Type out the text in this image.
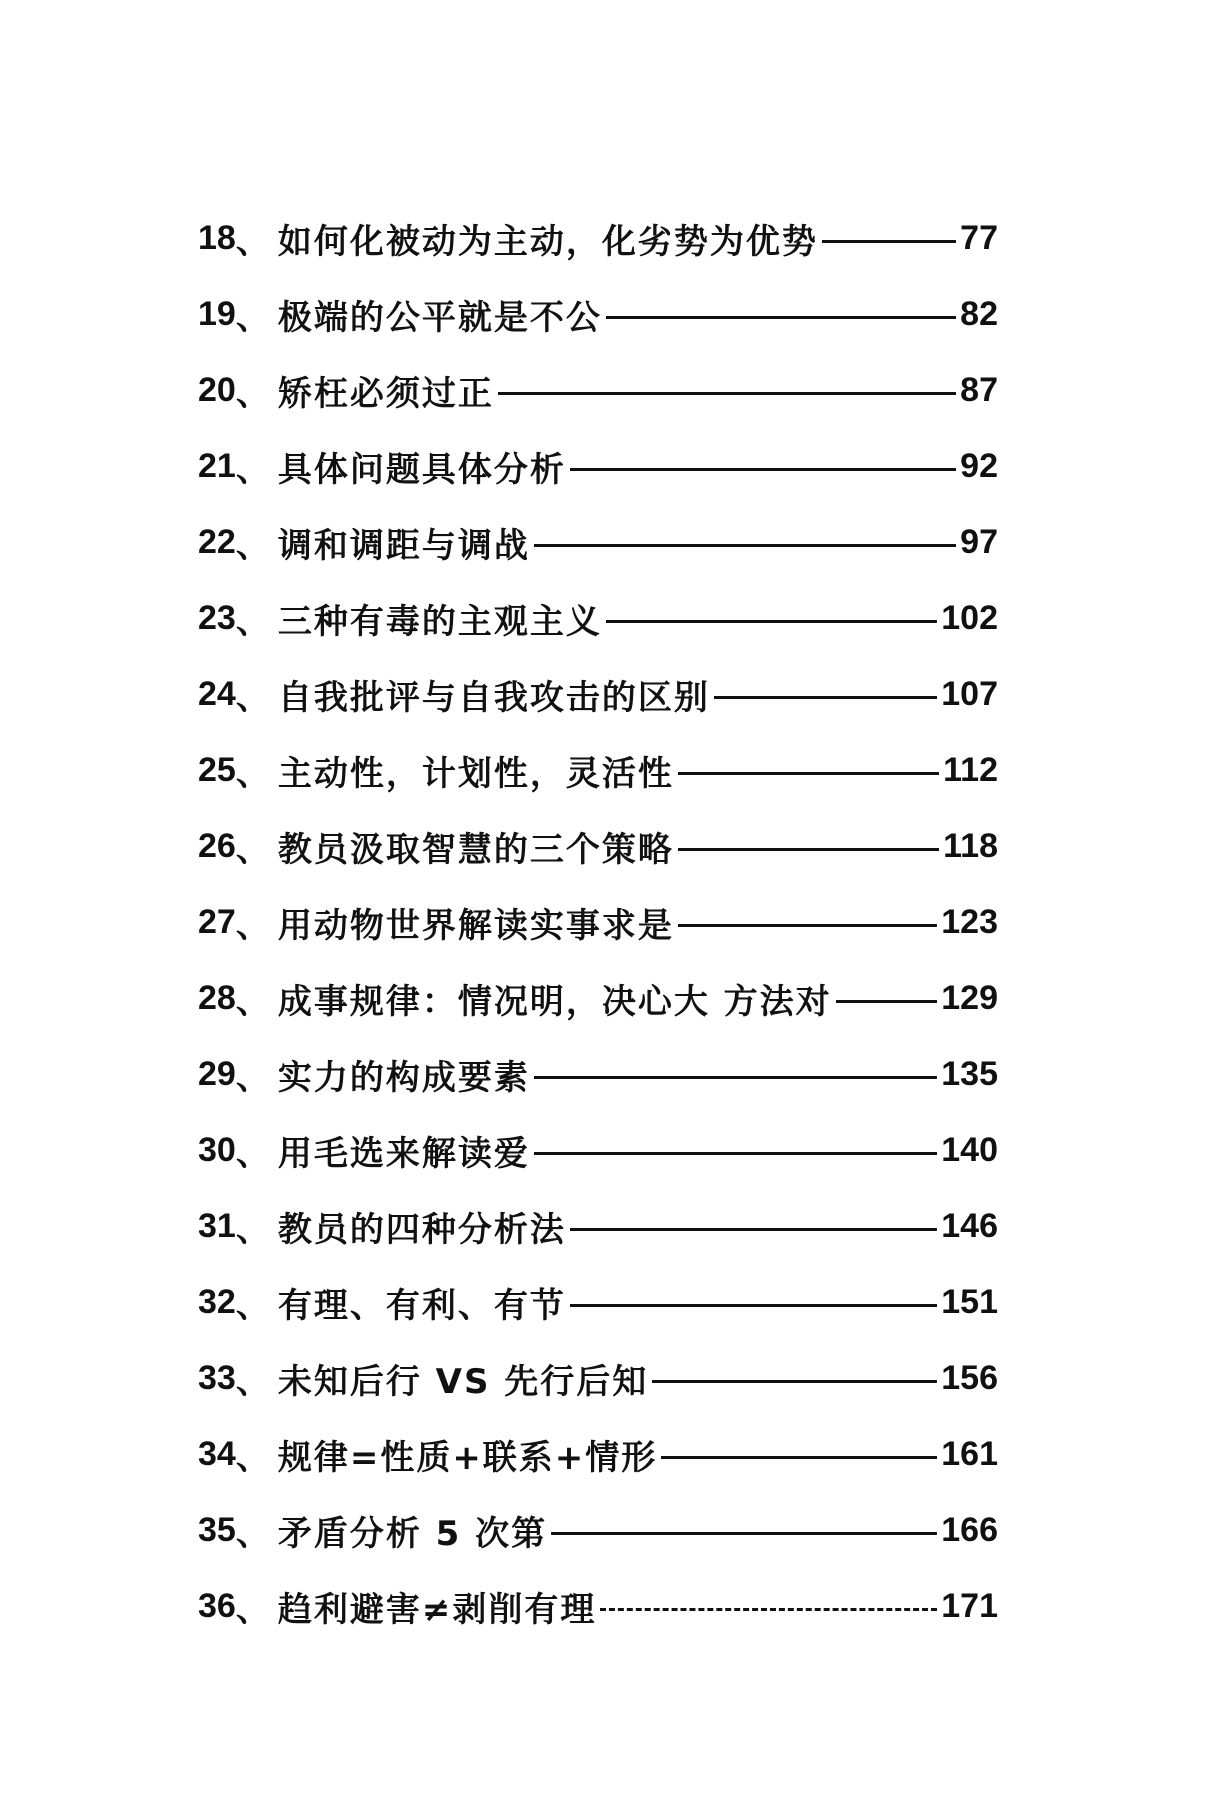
18 、 如何化被动为主动，化劣势为优势	77
19 、 极端的公平就是不公	82
20 、 矫枉必须过正	87
21 、 具体问题具体分析	92
22 、 调和调距与调战	97
23 、 三种有毒的主观主义	102
24 、 自我批评与自我攻击的区别	107
25 、 主动性，计划性，灵活性	112
26 、 教员汲取智慧的三个策略	118
27 、 用动物世界解读实事求是	123
28 、 成事规律：情况明，决心大 方法对	129
29 、 实力的构成要素	135
30 、 用毛选来解读爱	140
31 、 教员的四种分析法	146
32 、 有理、有利、有节	151
33 、 未知后行 VS 先行后知	156
34 、 规律=性质+联系+情形	161
35 、 矛盾分析 5 次第	166
36 、 趋利避害≠剥削有理	171
